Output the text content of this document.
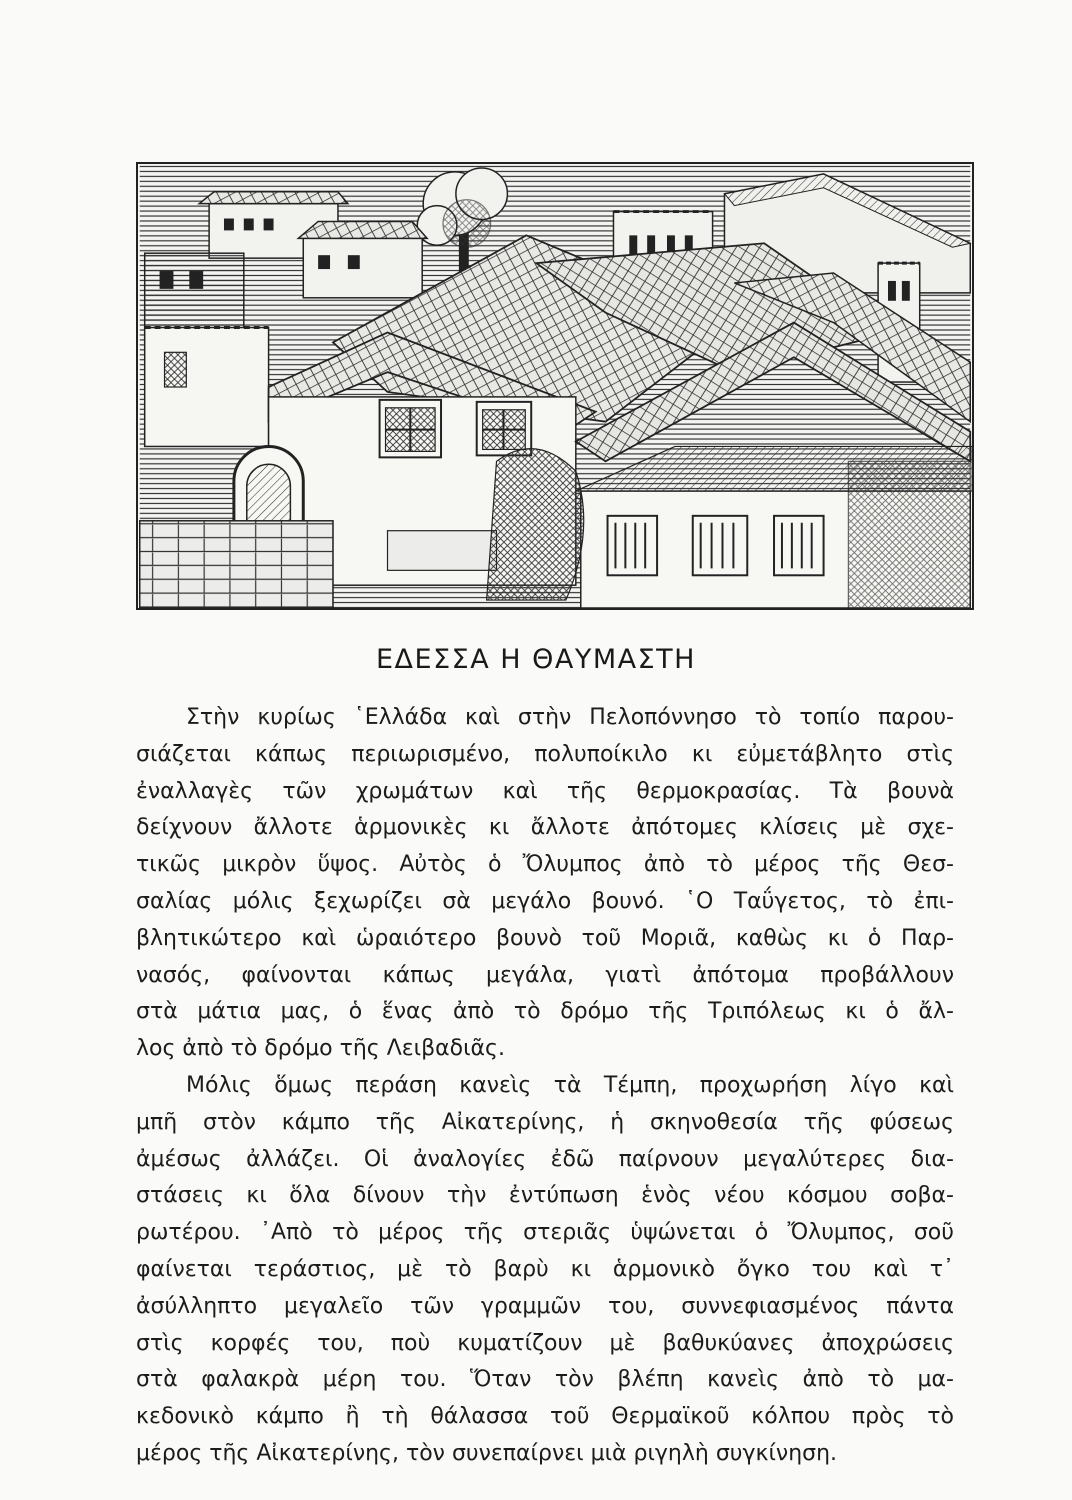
ΕΔΕΣΣΑ Η ΘΑΥΜΑΣΤΗ
Στὴν κυρίως ῾Ελλάδα καὶ στὴν Πελοπόννησο τὸ τοπίο παρου-
σιάζεται κάπως περιωρισμένο, πολυποίκιλο κι εὐμετάβλητο στὶς
ἐναλλαγὲς τῶν χρωμάτων καὶ τῆς θερμοκρασίας. Τὰ βουνὰ
δείχνουν ἄλλοτε ἁρμονικὲς κι ἄλλοτε ἀπότομες κλίσεις μὲ σχε-
τικῶς μικρὸν ὕψος. Αὐτὸς ὁ Ὄλυμπος ἀπὸ τὸ μέρος τῆς Θεσ-
σαλίας μόλις ξεχωρίζει σὰ μεγάλο βουνό. ῾Ο Ταΰγετος, τὸ ἐπι-
βλητικώτερο καὶ ὡραιότερο βουνὸ τοῦ Μοριᾶ, καθὼς κι ὁ Παρ-
νασός, φαίνονται κάπως μεγάλα, γιατὶ ἀπότομα προβάλλουν
στὰ μάτια μας, ὁ ἕνας ἀπὸ τὸ δρόμο τῆς Τριπόλεως κι ὁ ἄλ-
λος ἀπὸ τὸ δρόμο τῆς Λειβαδιᾶς.
Μόλις ὅμως περάση κανεὶς τὰ Τέμπη, προχωρήση λίγο καὶ
μπῆ στὸν κάμπο τῆς Αἰκατερίνης, ἡ σκηνοθεσία τῆς φύσεως
ἀμέσως ἀλλάζει. Οἱ ἀναλογίες ἐδῶ παίρνουν μεγαλύτερες δια-
στάσεις κι ὅλα δίνουν τὴν ἐντύπωση ἑνὸς νέου κόσμου σοβα-
ρωτέρου. ᾿Απὸ τὸ μέρος τῆς στεριᾶς ὑψώνεται ὁ Ὄλυμπος, σοῦ
φαίνεται τεράστιος, μὲ τὸ βαρὺ κι ἁρμονικὸ ὄγκο του καὶ τ᾿
ἀσύλληπτο μεγαλεῖο τῶν γραμμῶν του, συννεφιασμένος πάντα
στὶς κορφές του, ποὺ κυματίζουν μὲ βαθυκύανες ἀποχρώσεις
στὰ φαλακρὰ μέρη του. Ὅταν τὸν βλέπη κανεὶς ἀπὸ τὸ μα-
κεδονικὸ κάμπο ἢ τὴ θάλασσα τοῦ Θερμαϊκοῦ κόλπου πρὸς τὸ
μέρος τῆς Αἰκατερίνης, τὸν συνεπαίρνει μιὰ ριγηλὴ συγκίνηση.
